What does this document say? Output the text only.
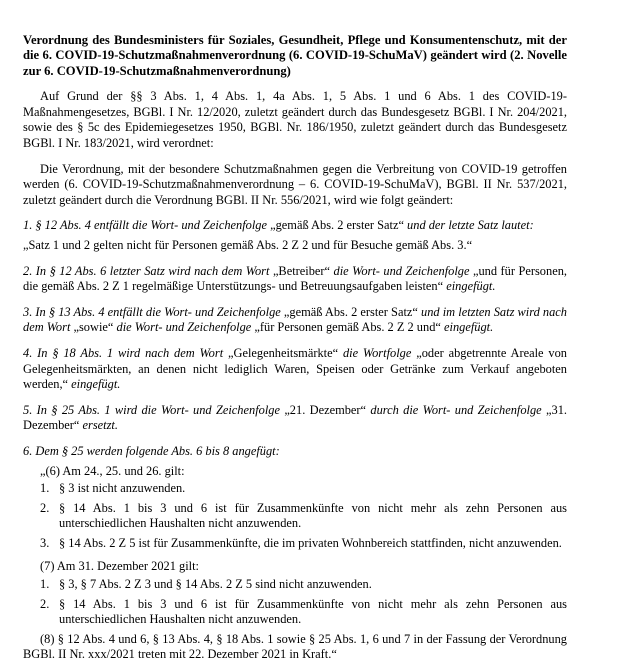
Verordnung des Bundesministers für Soziales, Gesundheit, Pflege und Konsumentenschutz, mit der die 6. COVID-19-Schutzmaßnahmenverordnung (6. COVID-19-SchuMaV) geändert wird (2. Novelle zur 6. COVID-19-Schutzmaßnahmenverordnung)

Auf Grund der §§ 3 Abs. 1, 4 Abs. 1, 4a Abs. 1, 5 Abs. 1 und 6 Abs. 1 des COVID-19-Maßnahmengesetzes, BGBl. I Nr. 12/2020, zuletzt geändert durch das Bundesgesetz BGBl. I Nr. 204/2021, sowie des § 5c des Epidemiegesetzes 1950, BGBl. Nr. 186/1950, zuletzt geändert durch das Bundesgesetz BGBl. I Nr. 183/2021, wird verordnet:

Die Verordnung, mit der besondere Schutzmaßnahmen gegen die Verbreitung von COVID-19 getroffen werden (6. COVID-19-Schutzmaßnahmenverordnung – 6. COVID-19-SchuMaV), BGBl. II Nr. 537/2021, zuletzt geändert durch die Verordnung BGBl. II Nr. 556/2021, wird wie folgt geändert:

1. § 12 Abs. 4 entfällt die Wort- und Zeichenfolge „gemäß Abs. 2 erster Satz“ und der letzte Satz lautet:

„Satz 1 und 2 gelten nicht für Personen gemäß Abs. 2 Z 2 und für Besuche gemäß Abs. 3.“

2. In § 12 Abs. 6 letzter Satz wird nach dem Wort „Betreiber“ die Wort- und Zeichenfolge „und für Personen, die gemäß Abs. 2 Z 1 regelmäßige Unterstützungs- und Betreuungsaufgaben leisten“ eingefügt.

3. In § 13 Abs. 4 entfällt die Wort- und Zeichenfolge „gemäß Abs. 2 erster Satz“ und im letzten Satz wird nach dem Wort „sowie“ die Wort- und Zeichenfolge „für Personen gemäß Abs. 2 Z 2 und“ eingefügt.

4. In § 18 Abs. 1 wird nach dem Wort „Gelegenheitsmärkte“ die Wortfolge „oder abgetrennte Areale von Gelegenheitsmärkten, an denen nicht lediglich Waren, Speisen oder Getränke zum Verkauf angeboten werden,“ eingefügt.

5. In § 25 Abs. 1 wird die Wort- und Zeichenfolge „21. Dezember“ durch die Wort- und Zeichenfolge „31. Dezember“ ersetzt.

6. Dem § 25 werden folgende Abs. 6 bis 8 angefügt:

„(6) Am 24., 25. und 26. gilt:

1. § 3 ist nicht anzuwenden.
2. § 14 Abs. 1 bis 3 und 6 ist für Zusammenkünfte von nicht mehr als zehn Personen aus unterschiedlichen Haushalten nicht anzuwenden.
3. § 14 Abs. 2 Z 5 ist für Zusammenkünfte, die im privaten Wohnbereich stattfinden, nicht anzuwenden.

(7) Am 31. Dezember 2021 gilt:

1. § 3, § 7 Abs. 2 Z 3 und § 14 Abs. 2 Z 5 sind nicht anzuwenden.
2. § 14 Abs. 1 bis 3 und 6 ist für Zusammenkünfte von nicht mehr als zehn Personen aus unterschiedlichen Haushalten nicht anzuwenden.

(8) § 12 Abs. 4 und 6, § 13 Abs. 4, § 18 Abs. 1 sowie § 25 Abs. 1, 6 und 7 in der Fassung der Verordnung BGBl. II Nr. xxx/2021 treten mit 22. Dezember 2021 in Kraft.“
